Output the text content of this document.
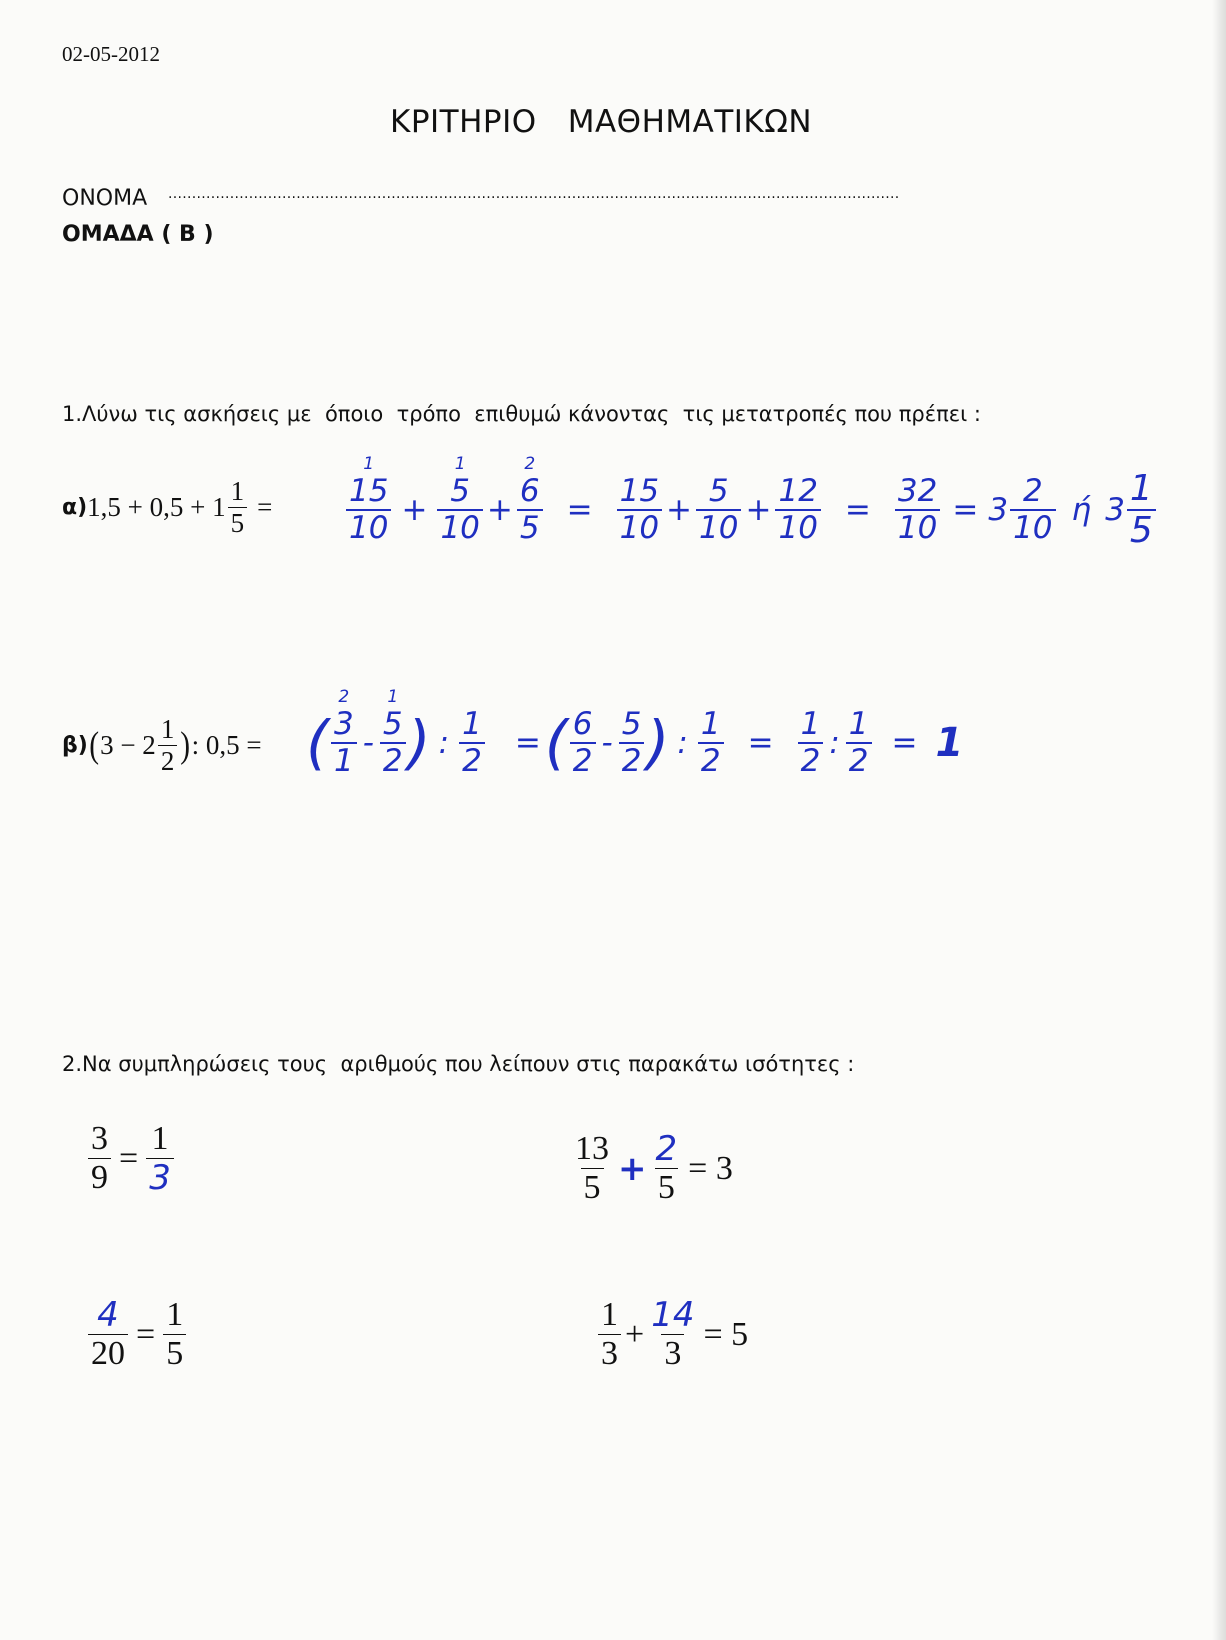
02-05-2012
ΚΡΙΤΗΡΙΟ   ΜΑΘΗΜΑΤΙΚΩΝ
ΟΝΟΜΑ ..........................................................................................................................................................
ΟΜΑΔΑ ( Β )
1.Λύνω τις ασκήσεις με  όποιο  τρόπο  επιθυμώ κάνοντας  τις μετατροπές που πρέπει :
α) $1,5 + 0,5 + 1 \frac{1}{5}$ =
1
15
10 +
1
5
10 +
2
6
$5 = \frac{15}{10} + \frac{5}{10} + \frac{12}{10} = \frac{32}{10} = 3 \frac{2}{10}$ ή $3 \frac{1}{5}$
β) ( $3 - 2 \frac{1}{2}$ ) : 0,5 = (
2
3
1 -
1
5
2 ) : $\frac{1}{2}$ = ( $\frac{6}{2} - \frac{5}{2}$ ) : $\frac{1}{2} = \frac{1}{2}$ : $\frac{1}{2} = 1$
2.Να συμπληρώσεις τους  αριθμούς που λείπουν στις παρακάτω ισότητες :
$\frac{3}{9} = \frac{1}{3}$	$\frac{13}{5} + \frac{2}{5} = 3$
$\frac{4}{20} = \frac{1}{5}$	$\frac{1}{3} + \frac{14}{3} = 5$
